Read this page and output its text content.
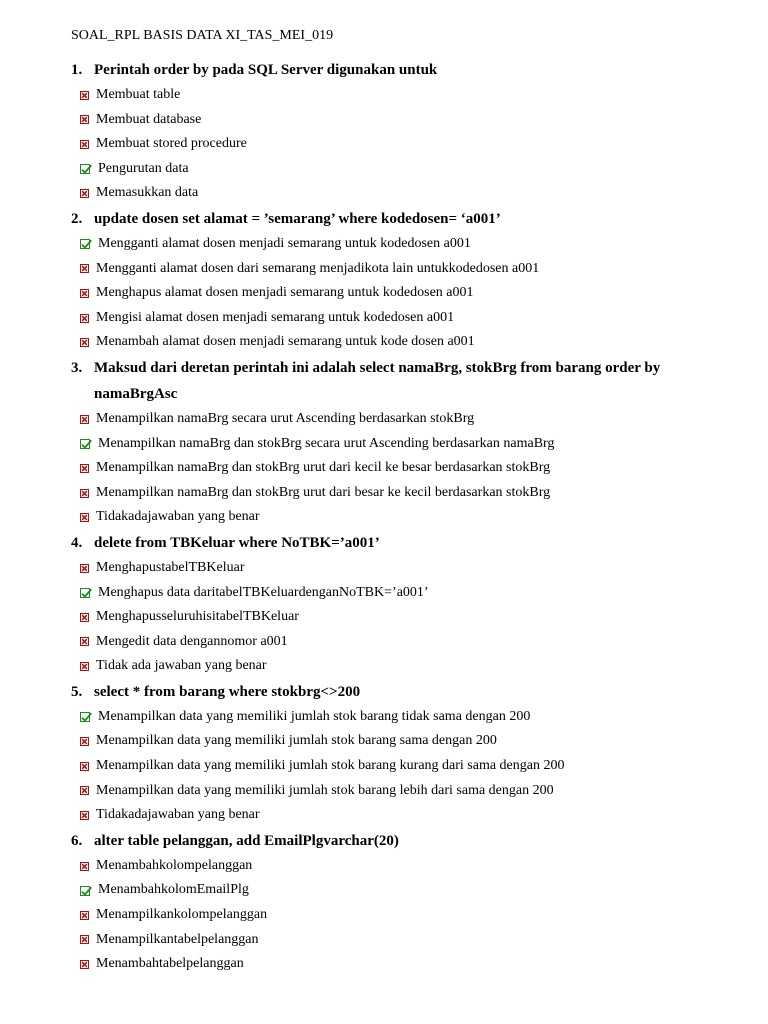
SOAL_RPL BASIS DATA XI_TAS_MEI_019
1. Perintah order by pada SQL Server digunakan untuk
Membuat table
Membuat database
Membuat stored procedure
Pengurutan data
Memasukkan data
2. update dosen set alamat = ’semarang’ where kodedosen= ‘a001’
Mengganti alamat dosen menjadi semarang untuk kodedosen a001
Mengganti alamat dosen dari semarang menjadikota lain untukkodedosen a001
Menghapus alamat dosen menjadi semarang untuk kodedosen a001
Mengisi alamat dosen menjadi semarang untuk kodedosen a001
Menambah alamat dosen menjadi semarang untuk kode dosen a001
3. Maksud dari deretan perintah ini adalah select namaBrg, stokBrg from barang order by namaBrgAsc
Menampilkan namaBrg secara urut Ascending berdasarkan stokBrg
Menampilkan namaBrg dan stokBrg secara urut Ascending berdasarkan namaBrg
Menampilkan namaBrg dan stokBrg urut dari kecil ke besar berdasarkan stokBrg
Menampilkan namaBrg dan stokBrg urut dari besar ke kecil berdasarkan stokBrg
Tidakadajawaban yang benar
4. delete from TBKeluar where NoTBK=’a001’
MenghapustabelTBKeluar
Menghapus data daritabelTBKeluardenganNoTBK=’a001’
MenghapusseluruhisitabelTBKeluar
Mengedit data dengannomor a001
Tidak ada jawaban yang benar
5. select * from barang where stokbrg<>200
Menampilkan data yang memiliki jumlah stok barang tidak sama dengan 200
Menampilkan data yang memiliki jumlah stok barang sama dengan 200
Menampilkan data yang memiliki jumlah stok barang kurang dari sama dengan 200
Menampilkan data yang memiliki jumlah stok barang lebih dari sama dengan 200
Tidakadajawaban yang benar
6. alter table pelanggan, add EmailPlgvarchar(20)
Menambahkolompelanggan
MenambahkolomEmailPlg
Menampilkankolompelanggan
Menampilkantabelpelanggan
Menambahtabelpelanggan
